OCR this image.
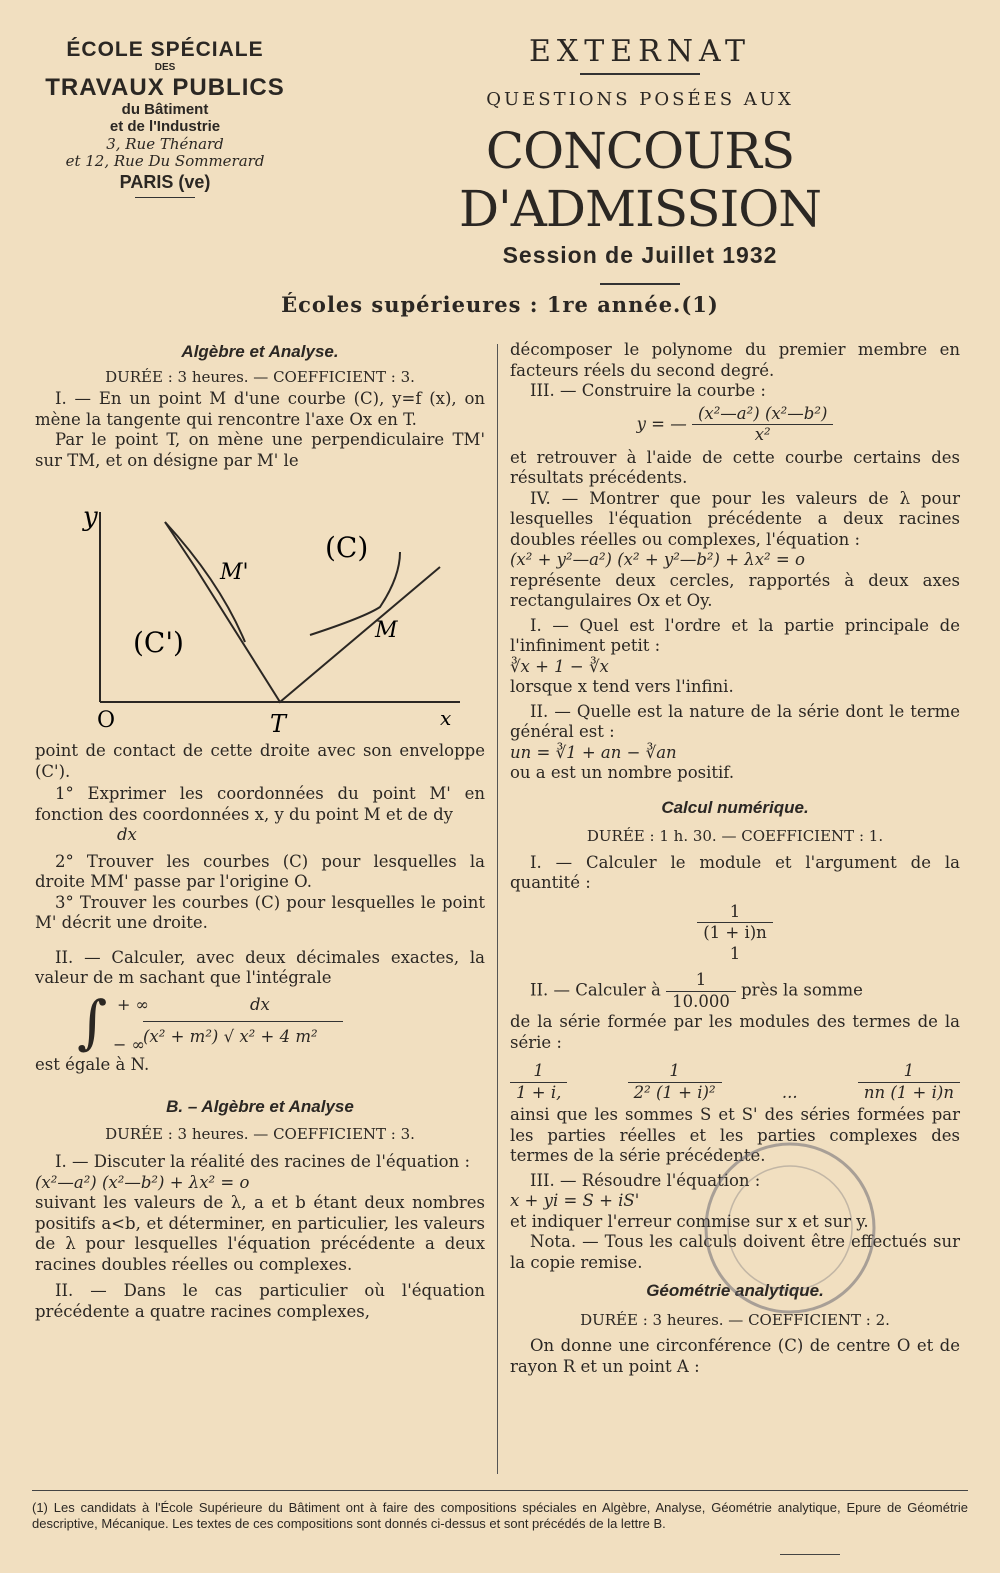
ÉCOLE SPÉCIALE
DES
TRAVAUX PUBLICS
du Bâtiment
et de l'Industrie
3, Rue Thénard
et 12, Rue Du Sommerard
PARIS (ve)
EXTERNAT
QUESTIONS POSÉES AUX
CONCOURS D'ADMISSION
Session de Juillet 1932
Écoles supérieures : 1re année.(1)

Algèbre et Analyse.

DURÉE : 3 heures. — COEFFICIENT : 3.

I. — En un point M d'une courbe (C), y=f (x), on mène la tangente qui rencontre l'axe Ox en T.

Par le point T, on mène une perpendiculaire TM' sur TM, et on désigne par M' le

y
O	T	x
M'
M
(C)
(C')

point de contact de cette droite avec son enveloppe (C').

1° Exprimer les coordonnées du point M' en fonction des coordonnées x, y du point M et de dy

dx

2° Trouver les courbes (C) pour lesquelles la droite MM' passe par l'origine O.

3° Trouver les courbes (C) pour lesquelles le point M' décrit une droite.

II. — Calculer, avec deux décimales exactes, la valeur de m sachant que l'intégrale

∫ + ∞
− ∞
dx
(x² + m²) √ x² + 4 m²

est égale à N.

B. – Algèbre et Analyse

DURÉE : 3 heures. — COEFFICIENT : 3.

I. — Discuter la réalité des racines de l'équation :

(x²—a²) (x²—b²) + λx² = o

suivant les valeurs de λ, a et b étant deux nombres positifs a<b, et déterminer, en particulier, les valeurs de λ pour lesquelles l'équation précédente a deux racines doubles réelles ou complexes.

II. — Dans le cas particulier où l'équation précédente a quatre racines complexes,

décomposer le polynome du premier membre en facteurs réels du second degré.

III. — Construire la courbe :

y = — $\frac{\text{(x²—a²) (x²—b²)}}{\text{x²}}$

et retrouver à l'aide de cette courbe certains des résultats précédents.

IV. — Montrer que pour les valeurs de λ pour lesquelles l'équation précédente a deux racines doubles réelles ou complexes, l'équation :

(x² + y²—a²) (x² + y²—b²) + λx² = o

représente deux cercles, rapportés à deux axes rectangulaires Ox et Oy.

I. — Quel est l'ordre et la partie principale de l'infiniment petit :

∛x + 1 − ∛x

lorsque x tend vers l'infini.

II. — Quelle est la nature de la série dont le terme général est :

un = ∛1 + an − ∛an

ou a est un nombre positif.

Calcul numérique.

DURÉE : 1 h. 30. — COEFFICIENT : 1.

I. — Calculer le module et l'argument de la quantité :

$\frac{1}{(1 + i)n}$

1

II. — Calculer à $\frac{1}{10.000}$ près la somme

de la série formée par les modules des termes de la série :

$\frac{1}{1 + i,}$	$\frac{1}{\text{2² (1 + i)²}}$	...	$\frac{1}{nn (1 + i)n}$

ainsi que les sommes S et S' des séries formées par les parties réelles et les parties complexes des termes de la série précédente.

III. — Résoudre l'équation :

x + yi = S + iS'

et indiquer l'erreur commise sur x et sur y.

Nota. — Tous les calculs doivent être effectués sur la copie remise.

Géométrie analytique.

DURÉE : 3 heures. — COEFFICIENT : 2.

On donne une circonférence (C) de centre O et de rayon R et un point A :

(1) Les candidats à l'École Supérieure du Bâtiment ont à faire des compositions spéciales en Algèbre, Analyse, Géométrie analytique, Epure de Géométrie descriptive, Mécanique. Les textes de ces compositions sont donnés ci-dessus et sont précédés de la lettre B.
